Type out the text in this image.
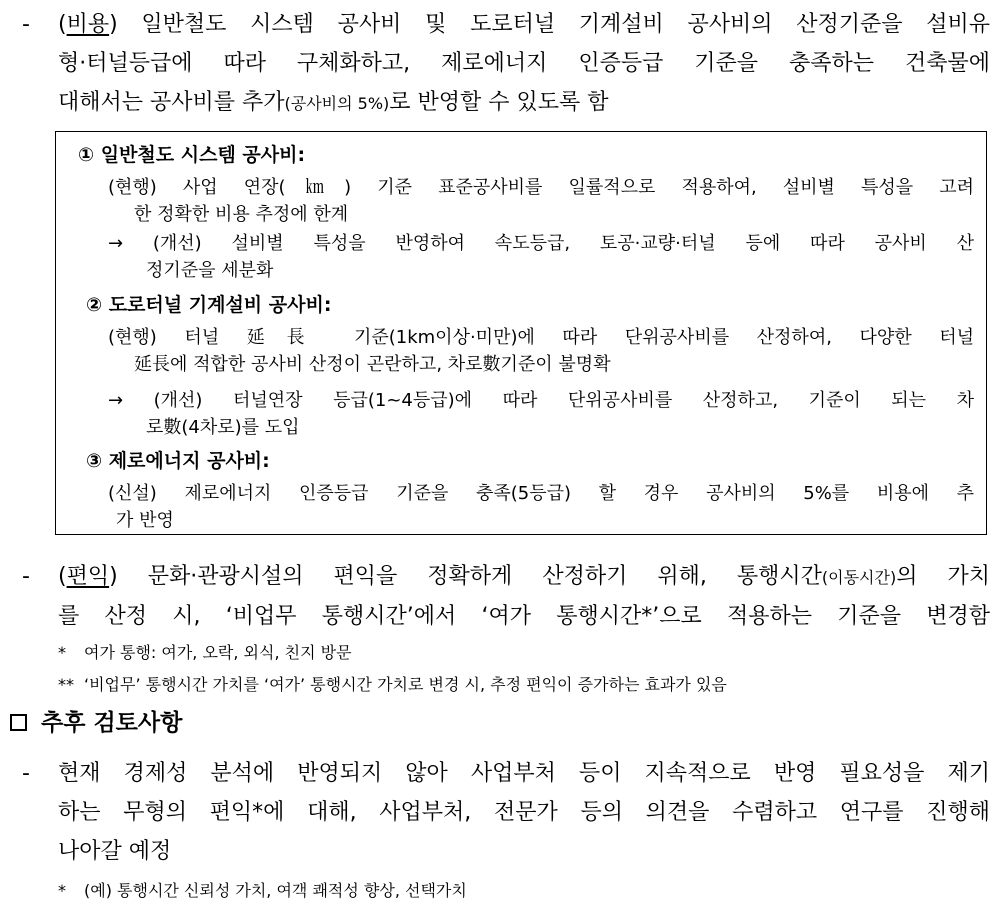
- (비용) 일반철도 시스템 공사비 및 도로터널 기계설비 공사비의 산정기준을 설비유
형·터널등급에 따라 구체화하고, 제로에너지 인증등급 기준을 충족하는 건축물에
대해서는 공사비를 추가(공사비의 5%)로 반영할 수 있도록 함
① 일반철도 시스템 공사비:
(현행) 사업 연장(㎞) 기준 표준공사비를 일률적으로 적용하여, 설비별 특성을 고려
한 정확한 비용 추정에 한계
→ (개선) 설비별 특성을 반영하여 속도등급, 토공·교량·터널 등에 따라 공사비 산
정기준을 세분화
② 도로터널 기계설비 공사비:
(현행) 터널 延長 기준(1km이상·미만)에 따라 단위공사비를 산정하여, 다양한 터널
延長에 적합한 공사비 산정이 곤란하고, 차로數기준이 불명확
→ (개선) 터널연장 등급(1~4등급)에 따라 단위공사비를 산정하고, 기준이 되는 차
로數(4차로)를 도입
③ 제로에너지 공사비:
(신설) 제로에너지 인증등급 기준을 충족(5등급) 할 경우 공사비의 5%를 비용에 추
가 반영
- (편익) 문화·관광시설의 편익을 정확하게 산정하기 위해, 통행시간(이동시간)의 가치
를 산정 시, ‘비업무 통행시간’에서 ‘여가 통행시간*’으로 적용하는 기준을 변경함
* 여가 통행: 여가, 오락, 외식, 친지 방문
** ‘비업무’ 통행시간 가치를 ‘여가’ 통행시간 가치로 변경 시, 추정 편익이 증가하는 효과가 있음
추후 검토사항
- 현재 경제성 분석에 반영되지 않아 사업부처 등이 지속적으로 반영 필요성을 제기
하는 무형의 편익*에 대해, 사업부처, 전문가 등의 의견을 수렴하고 연구를 진행해
나아갈 예정
* (예) 통행시간 신뢰성 가치, 여객 쾌적성 향상, 선택가치
